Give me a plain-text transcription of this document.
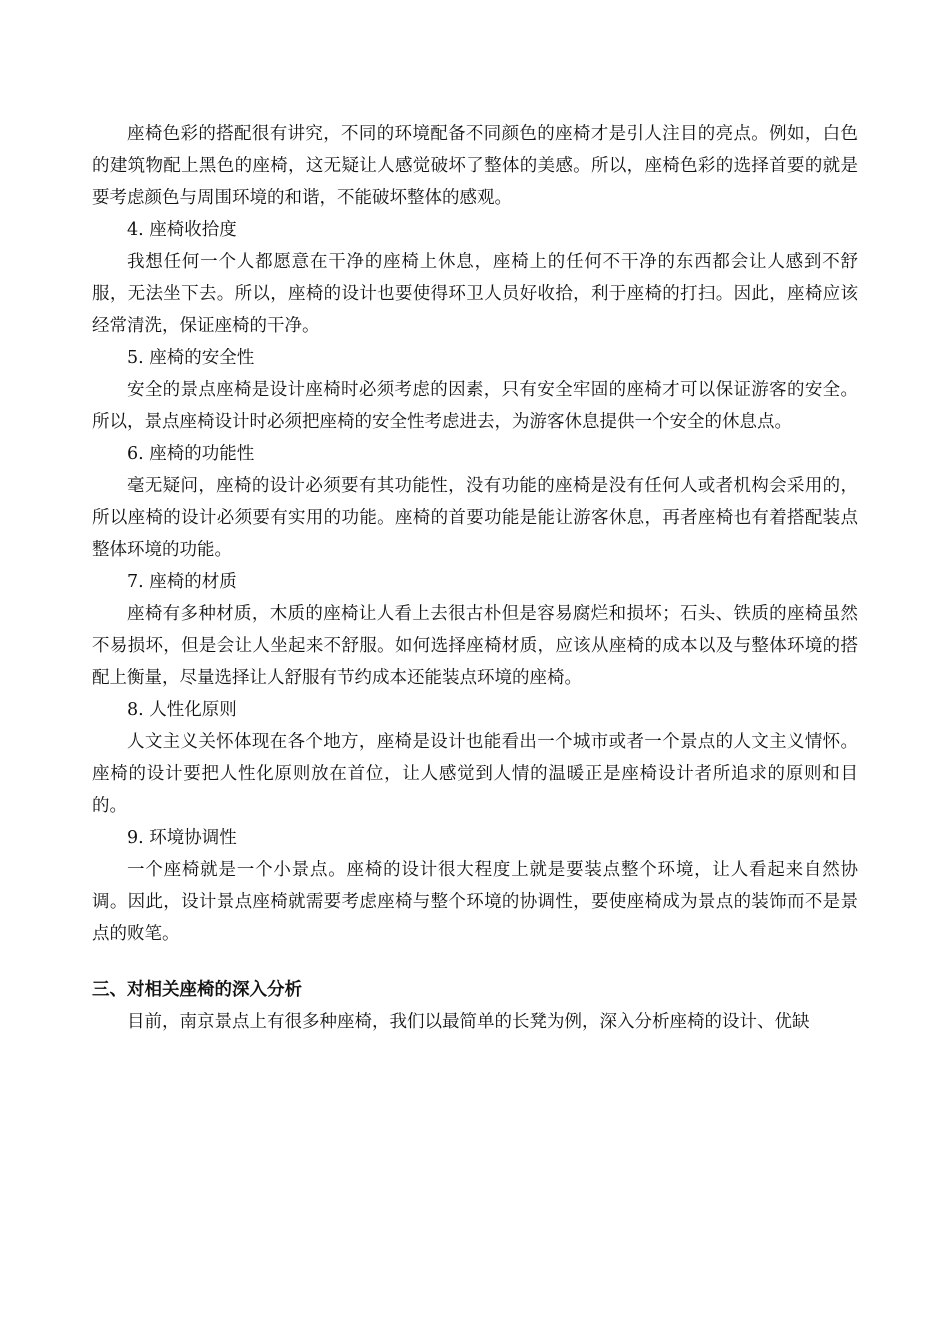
座椅色彩的搭配很有讲究，不同的环境配备不同颜色的座椅才是引人注目的亮点。例如，白色的建筑物配上黑色的座椅，这无疑让人感觉破坏了整体的美感。所以，座椅色彩的选择首要的就是要考虑颜色与周围环境的和谐，不能破坏整体的感观。

4. 座椅收拾度

我想任何一个人都愿意在干净的座椅上休息，座椅上的任何不干净的东西都会让人感到不舒服，无法坐下去。所以，座椅的设计也要使得环卫人员好收拾，利于座椅的打扫。因此，座椅应该经常清洗，保证座椅的干净。

5. 座椅的安全性

安全的景点座椅是设计座椅时必须考虑的因素，只有安全牢固的座椅才可以保证游客的安全。所以，景点座椅设计时必须把座椅的安全性考虑进去，为游客休息提供一个安全的休息点。

6. 座椅的功能性

毫无疑问，座椅的设计必须要有其功能性，没有功能的座椅是没有任何人或者机构会采用的，所以座椅的设计必须要有实用的功能。座椅的首要功能是能让游客休息，再者座椅也有着搭配装点整体环境的功能。

7. 座椅的材质

座椅有多种材质，木质的座椅让人看上去很古朴但是容易腐烂和损坏；石头、铁质的座椅虽然不易损坏，但是会让人坐起来不舒服。如何选择座椅材质，应该从座椅的成本以及与整体环境的搭配上衡量，尽量选择让人舒服有节约成本还能装点环境的座椅。

8. 人性化原则

人文主义关怀体现在各个地方，座椅是设计也能看出一个城市或者一个景点的人文主义情怀。座椅的设计要把人性化原则放在首位，让人感觉到人情的温暖正是座椅设计者所追求的原则和目的。

9. 环境协调性

一个座椅就是一个小景点。座椅的设计很大程度上就是要装点整个环境，让人看起来自然协调。因此，设计景点座椅就需要考虑座椅与整个环境的协调性，要使座椅成为景点的装饰而不是景点的败笔。

三、对相关座椅的深入分析

目前，南京景点上有很多种座椅，我们以最简单的长凳为例，深入分析座椅的设计、优缺
